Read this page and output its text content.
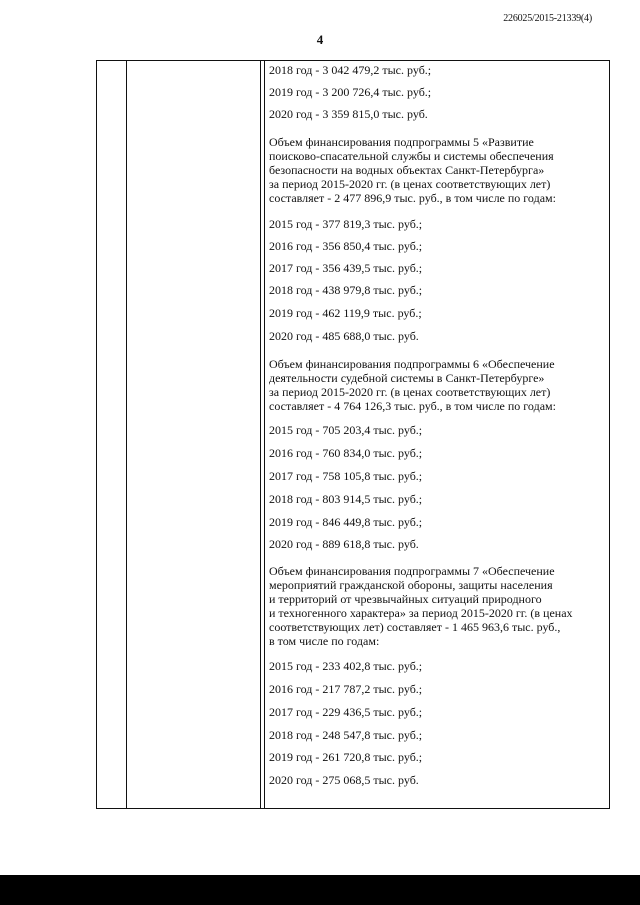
226025/2015-21339(4)
4
2018 год - 3 042 479,2 тыс. руб.;
2019 год - 3 200 726,4 тыс. руб.;
2020 год - 3 359 815,0 тыс. руб.

Объем финансирования подпрограммы 5 «Развитие
поисково-спасательной службы и системы обеспечения
безопасности на водных объектах Санкт-Петербурга»
за период 2015-2020 гг. (в ценах соответствующих лет)
составляет - 2 477 896,9 тыс. руб., в том числе по годам:

2015 год - 377 819,3 тыс. руб.;
2016 год - 356 850,4 тыс. руб.;
2017 год - 356 439,5 тыс. руб.;
2018 год - 438 979,8 тыс. руб.;
2019 год - 462 119,9 тыс. руб.;
2020 год - 485 688,0 тыс. руб.

Объем финансирования подпрограммы 6 «Обеспечение
деятельности судебной системы в Санкт-Петербурге»
за период 2015-2020 гг. (в ценах соответствующих лет)
составляет - 4 764 126,3 тыс. руб., в том числе по годам:

2015 год - 705 203,4 тыс. руб.;
2016 год - 760 834,0 тыс. руб.;
2017 год - 758 105,8 тыс. руб.;
2018 год - 803 914,5 тыс. руб.;
2019 год - 846 449,8 тыс. руб.;
2020 год - 889 618,8 тыс. руб.

Объем финансирования подпрограммы 7 «Обеспечение
мероприятий гражданской обороны, защиты населения
и территорий от чрезвычайных ситуаций природного
и техногенного характера» за период 2015-2020 гг. (в ценах
соответствующих лет) составляет - 1 465 963,6 тыс. руб.,
в том числе по годам:

2015 год - 233 402,8 тыс. руб.;
2016 год - 217 787,2 тыс. руб.;
2017 год - 229 436,5 тыс. руб.;
2018 год - 248 547,8 тыс. руб.;
2019 год - 261 720,8 тыс. руб.;
2020 год - 275 068,5 тыс. руб.
